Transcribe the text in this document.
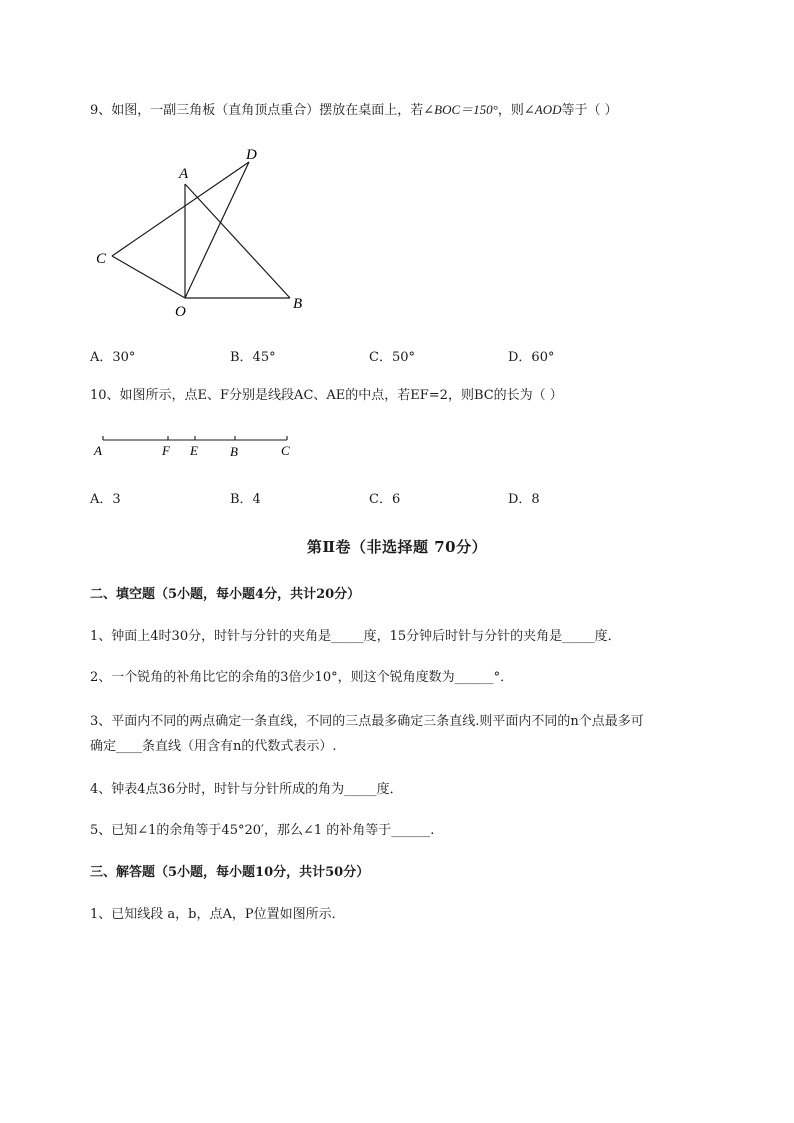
9、如图，一副三角板（直角顶点重合）摆放在桌面上，若∠BOC＝150°，则∠AOD等于（ ）
A
D
C
O	B
A．30°	B．45°	C．50°	D．60°
10、如图所示，点E、F分别是线段AC、AE的中点，若EF=2，则BC的长为（ ）
A	F E B	C
A．3	B．4	C．6	D．8
第Ⅱ卷（非选择题 70分）
二、填空题（5小题，每小题4分，共计20分）
1、钟面上4时30分，时针与分针的夹角是_____度，15分钟后时针与分针的夹角是_____度．
2、一个锐角的补角比它的余角的3倍少10°，则这个锐角度数为______°．
3、平面内不同的两点确定一条直线，不同的三点最多确定三条直线.则平面内不同的n个点最多可
确定____条直线（用含有n的代数式表示）.
4、钟表4点36分时，时针与分针所成的角为_____度．
5、已知∠1的余角等于45°20′，那么∠1 的补角等于______.
三、解答题（5小题，每小题10分，共计50分）
1、已知线段 a，b，点A，P位置如图所示．
